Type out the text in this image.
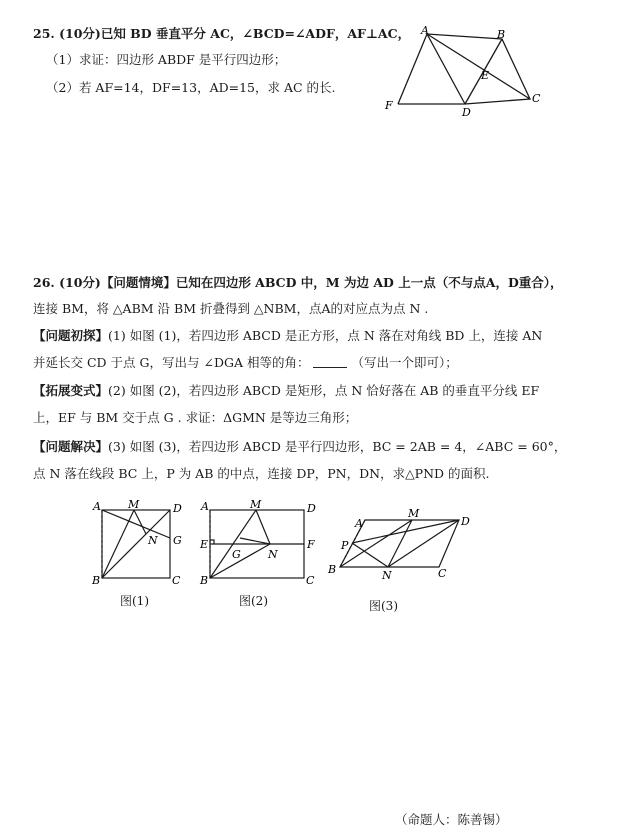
25. (10分)已知 BD 垂直平分 AC，∠BCD=∠ADF，AF⊥AC，
（1）求证：四边形 ABDF 是平行四边形；
（2）若 AF=14，DF=13，AD=15，求 AC 的长.
A	B
E
C
D
F
26. (10分)【问题情境】已知在四边形 ABCD 中，M 为边 AD 上一点（不与点A，D重合），
连接 BM，将 △ABM 沿 BM 折叠得到 △NBM，点A的对应点为点 N .
【问题初探】(1) 如图 (1)，若四边形 ABCD 是正方形，点 N 落在对角线 BD 上，连接 AN
并延长交 CD 于点 G，写出与 ∠DGA 相等的角：	（写出一个即可）；
【拓展变式】(2) 如图 (2)，若四边形 ABCD 是矩形，点 N 恰好落在 AB 的垂直平分线 EF
上，EF 与 BM 交于点 G . 求证：ΔGMN 是等边三角形；
【问题解决】(3) 如图 (3)，若四边形 ABCD 是平行四边形，BC = 2AB = 4，∠ABC = 60°，
点 N 落在线段 BC 上，P 为 AB 的中点，连接 DP，PN，DN，求△PND 的面积.
A M	D
N G
B	C
图(1)
A	M	D
E
G N
F
B	C
图(2)
A
M
D
P
B	N	C
图(3)
（命题人：陈善锡）
